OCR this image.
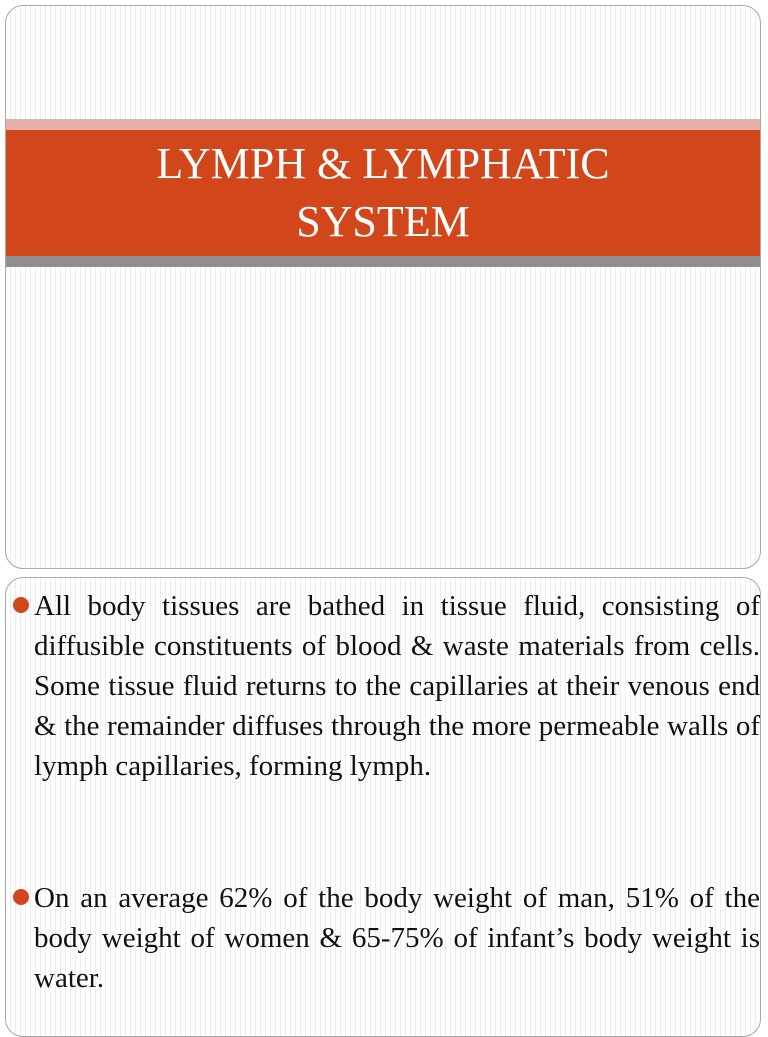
LYMPH & LYMPHATIC
SYSTEM

All body tissues are bathed in tissue fluid, consisting of diffusible constituents of blood & waste materials from cells. Some tissue fluid returns to the capillaries at their venous end & the remainder diffuses through the more permeable walls of lymph capillaries, forming lymph.

On an average 62% of the body weight of man, 51% of the body weight of women & 65-75% of infant’s body weight is water.
